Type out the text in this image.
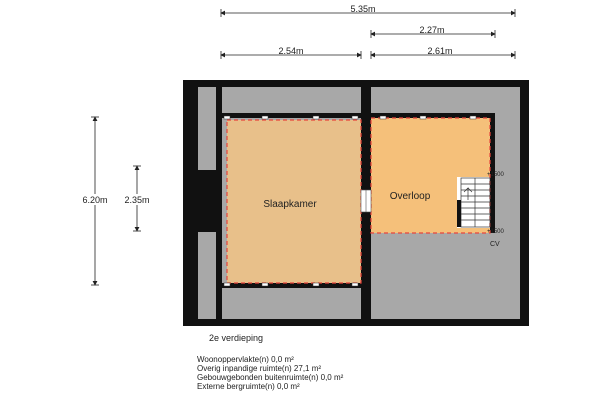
5.35m
2.27m
2.54m	2.61m
6.20m 2.35m	Slaapkamer
Overloop
+1500
+1500
CV
2e verdieping
Woonoppervlakte(n) 0,0 m²
Overig inpandige ruimte(n) 27,1 m²
Gebouwgebonden buitenruimte(n) 0,0 m²
Externe bergruimte(n) 0,0 m²
